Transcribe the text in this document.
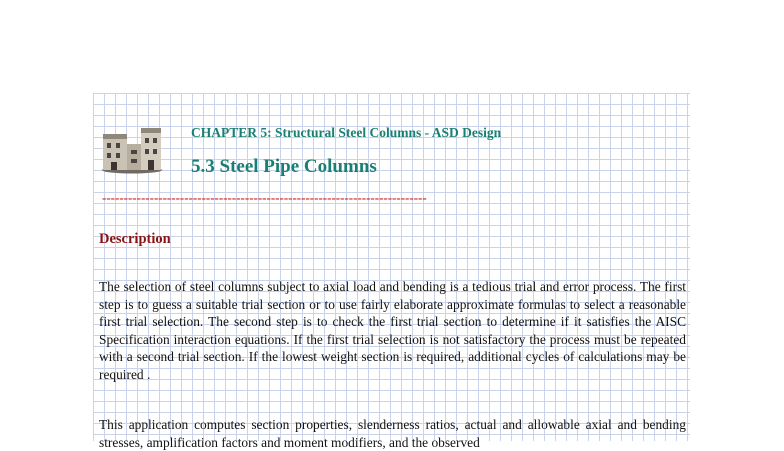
CHAPTER 5: Structural Steel Columns - ASD Design
5.3 Steel Pipe Columns
---------------------------------------------------------------------------
Description

The selection of steel columns subject to axial load and bending is a tedious trial and error process. The first step is to guess a suitable trial section or to use fairly elaborate approximate formulas to select a reasonable first trial selection. The second step is to check the first trial section to determine if it satisfies the AISC Specification interaction equations. If the first trial selection is not satisfactory the process must be repeated with a second trial section. If the lowest weight section is required, additional cycles of calculations may be required .

This application computes section properties, slenderness ratios, actual and allowable axial and bending stresses, amplification factors and moment modifiers, and the observed
